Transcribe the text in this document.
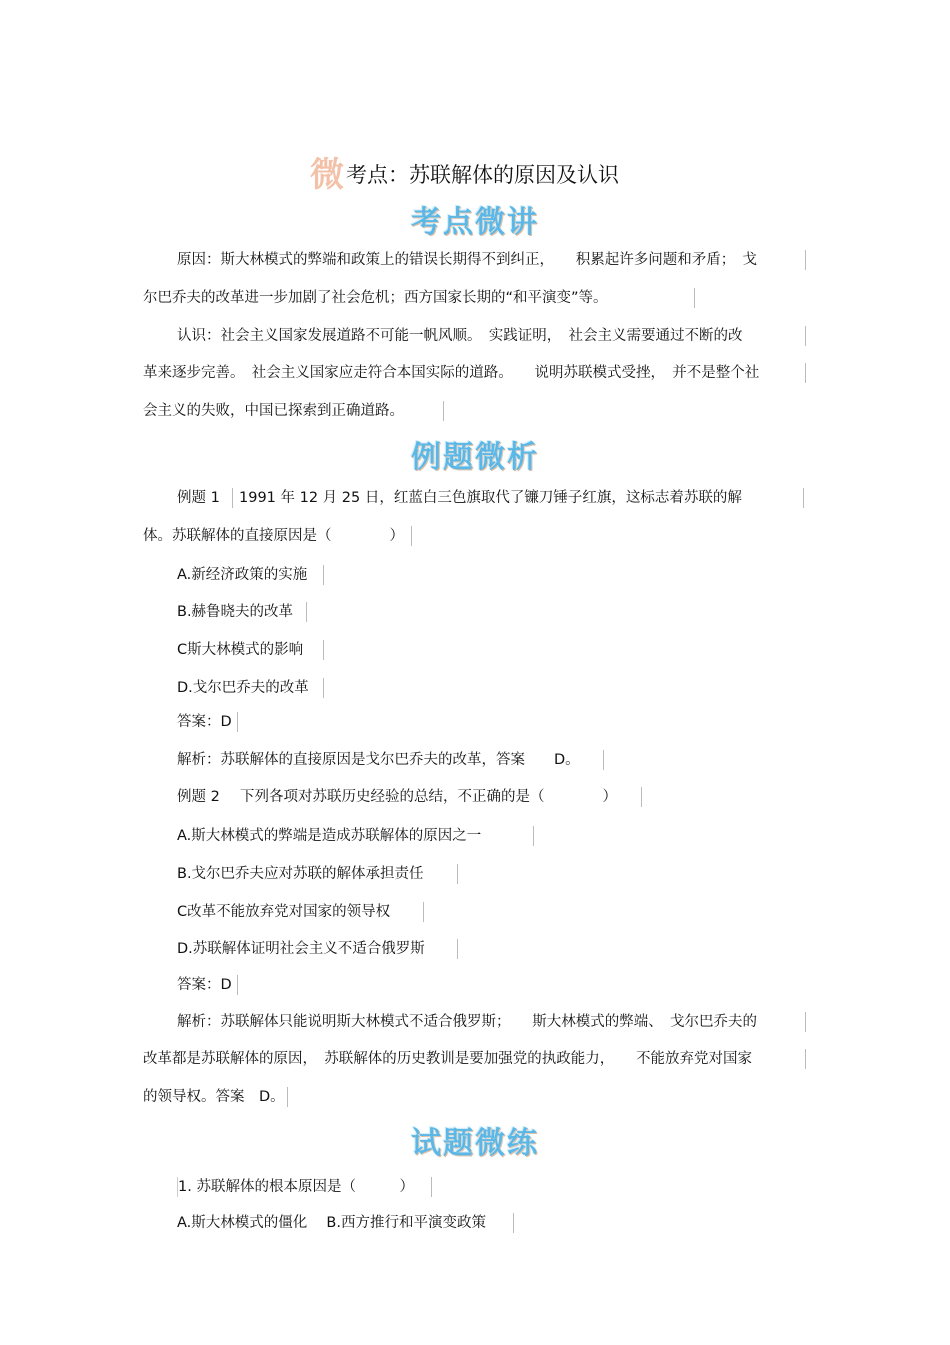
微考点：苏联解体的原因及认识
考点微讲
原因：斯大林模式的弊端和政策上的错误长期得不到纠正，　　积累起许多问题和矛盾；　戈
尔巴乔夫的改革进一步加剧了社会危机；西方国家长期的“和平演变”等。
认识：社会主义国家发展道路不可能一帆风顺。　实践证明，　社会主义需要通过不断的改
革来逐步完善。　社会主义国家应走符合本国实际的道路。　　说明苏联模式受挫，　并不是整个社
会主义的失败，中国已探索到正确道路。
例题微析
例题 1	1991 年 12 月 25 日，红蓝白三色旗取代了镰刀锤子红旗，这标志着苏联的解
体。苏联解体的直接原因是（　　　　）
A.新经济政策的实施
B.赫鲁晓夫的改革
C斯大林模式的影响
D.戈尔巴乔夫的改革
答案：D
解析：苏联解体的直接原因是戈尔巴乔夫的改革，答案　　D。
例题 2 下列各项对苏联历史经验的总结，不正确的是（　　　　）
A.斯大林模式的弊端是造成苏联解体的原因之一
B.戈尔巴乔夫应对苏联的解体承担责任
C改革不能放弃党对国家的领导权
D.苏联解体证明社会主义不适合俄罗斯
答案：D
解析：苏联解体只能说明斯大林模式不适合俄罗斯；　　斯大林模式的弊端、　戈尔巴乔夫的
改革都是苏联解体的原因，　苏联解体的历史教训是要加强党的执政能力，　　不能放弃党对国家
的领导权。答案　D。
试题微练
1. 苏联解体的根本原因是（　　　）
A.斯大林模式的僵化　 B.西方推行和平演变政策
